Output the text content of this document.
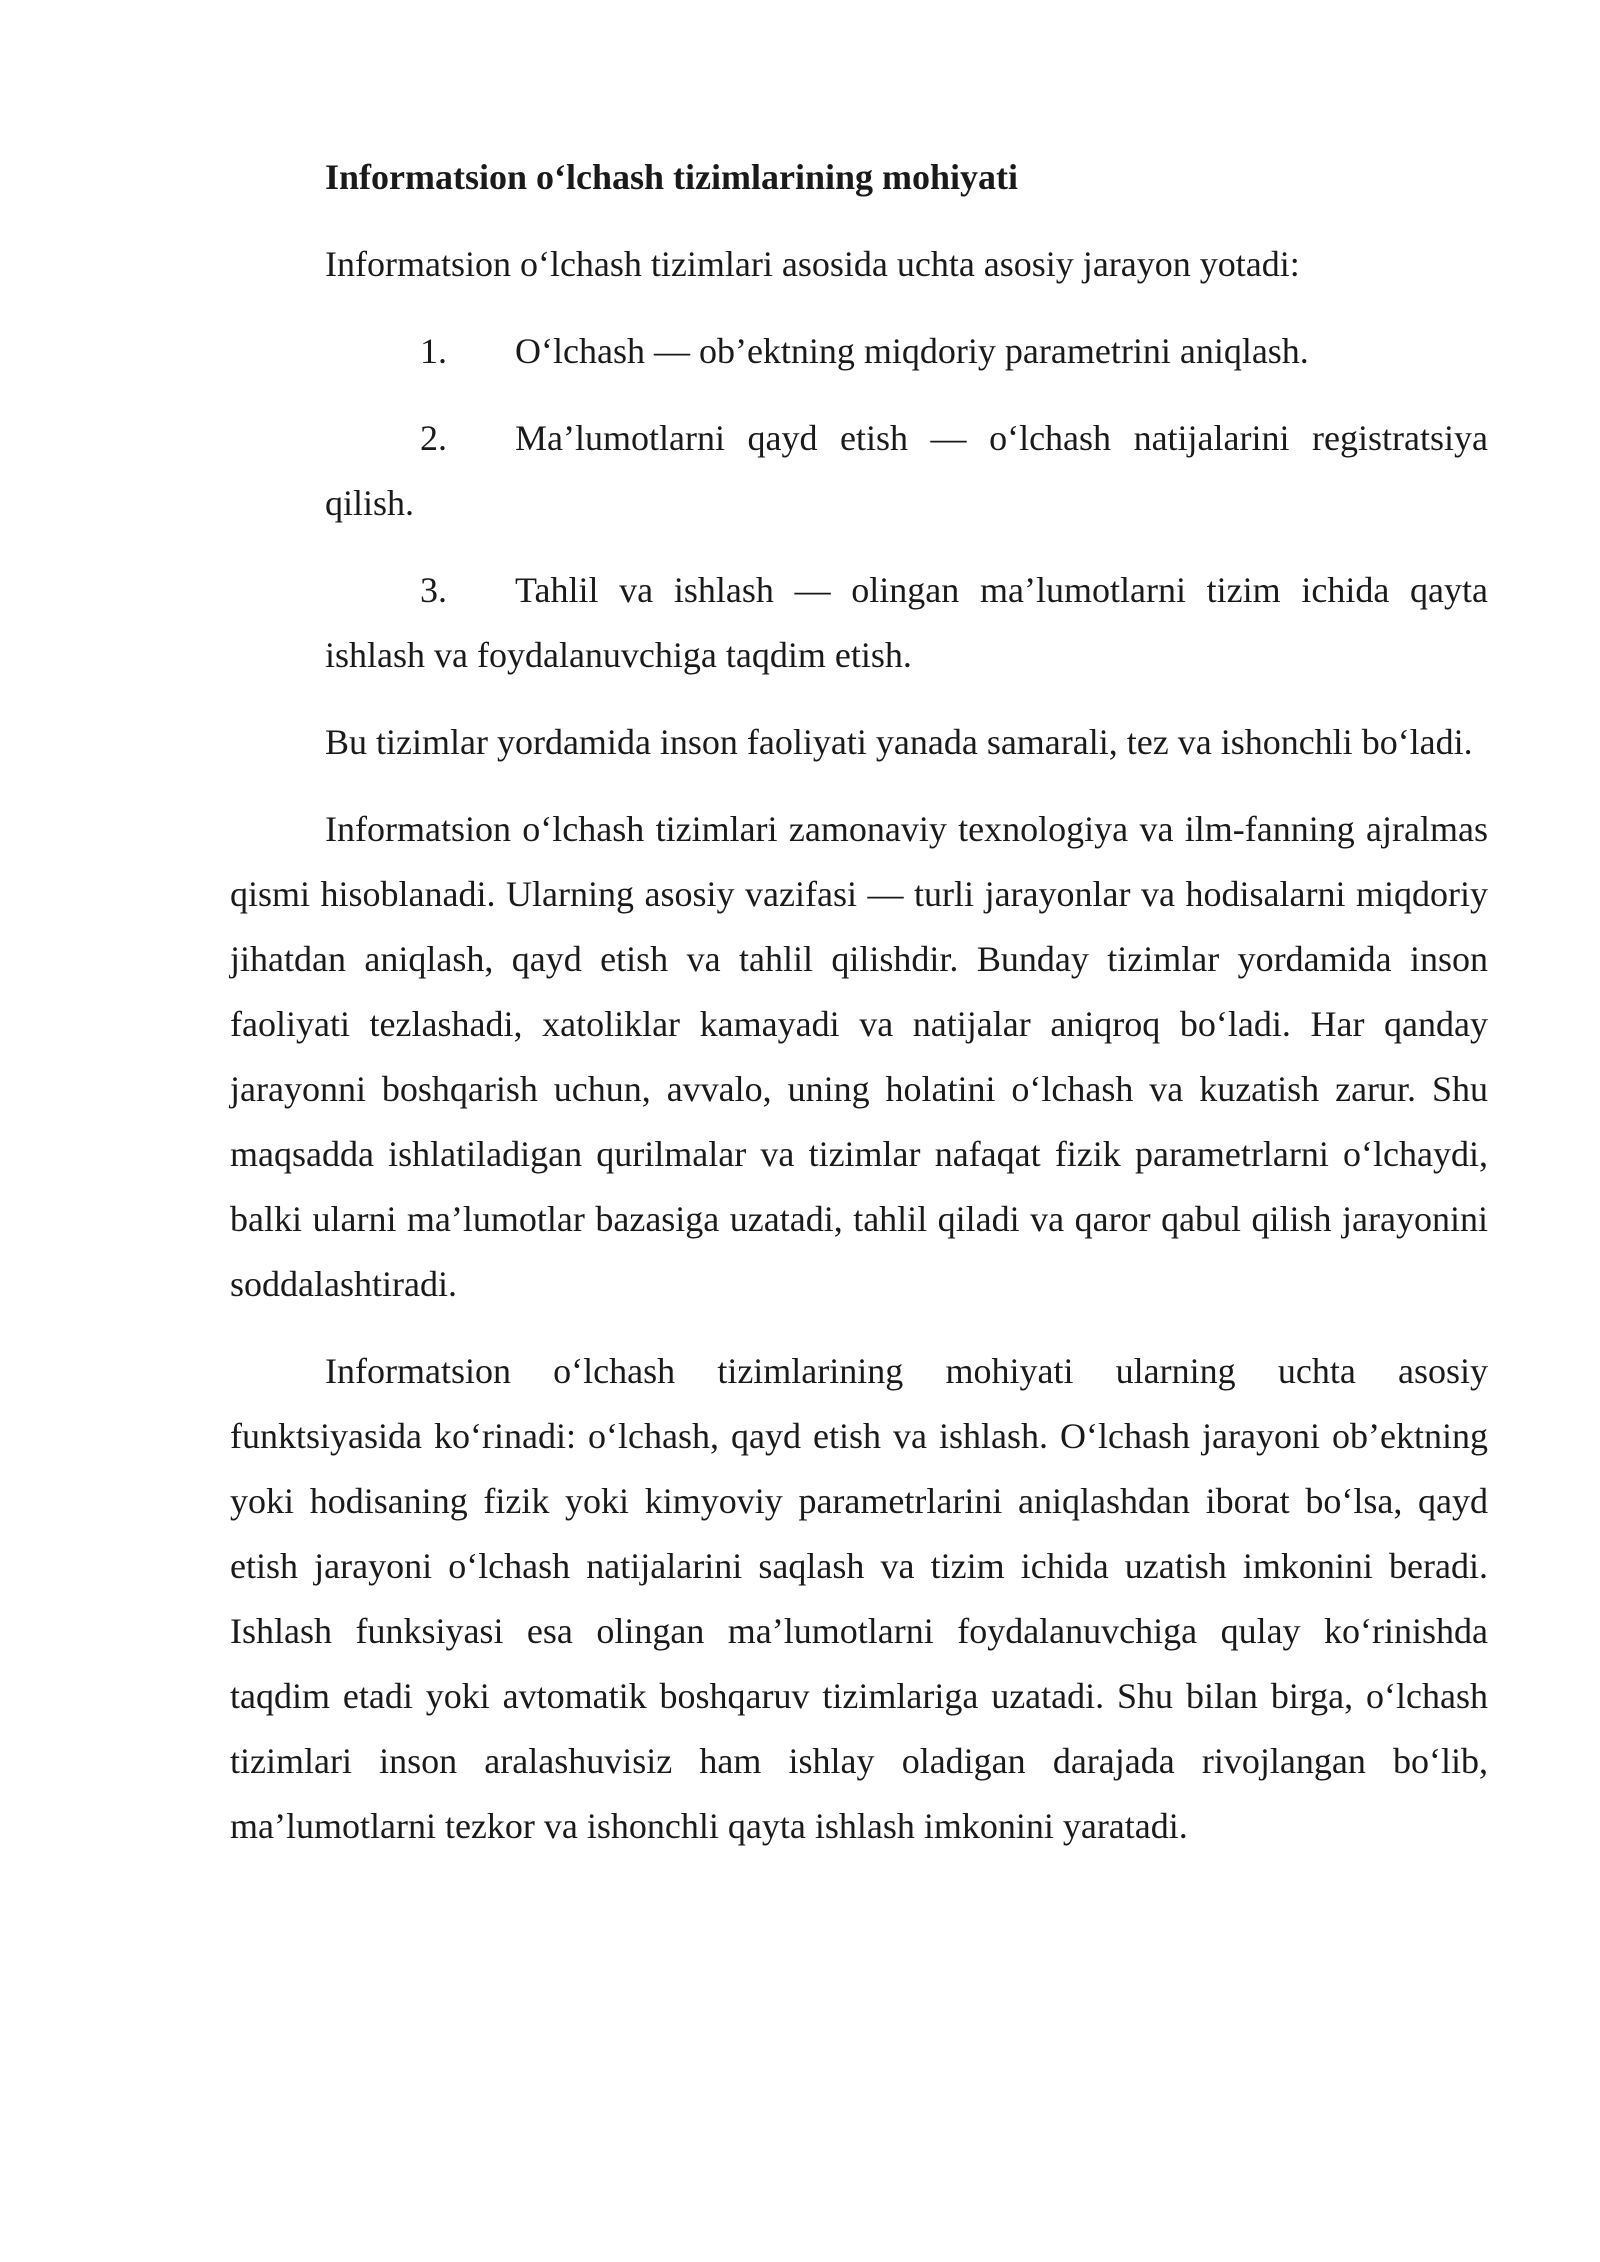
Informatsion o‘lchash tizimlarining mohiyati

Informatsion o‘lchash tizimlari asosida uchta asosiy jarayon yotadi:

1. O‘lchash — ob’ektning miqdoriy parametrini aniqlash.

2. Ma’lumotlarni qayd etish — o‘lchash natijalarini registratsiya qilish.

3. Tahlil va ishlash — olingan ma’lumotlarni tizim ichida qayta ishlash va foydalanuvchiga taqdim etish.

Bu tizimlar yordamida inson faoliyati yanada samarali, tez va ishonchli bo‘ladi.

Informatsion o‘lchash tizimlari zamonaviy texnologiya va ilm-fanning ajralmas qismi hisoblanadi. Ularning asosiy vazifasi — turli jarayonlar va hodisalarni miqdoriy jihatdan aniqlash, qayd etish va tahlil qilishdir. Bunday tizimlar yordamida inson faoliyati tezlashadi, xatoliklar kamayadi va natijalar aniqroq bo‘ladi. Har qanday jarayonni boshqarish uchun, avvalo, uning holatini o‘lchash va kuzatish zarur. Shu maqsadda ishlatiladigan qurilmalar va tizimlar nafaqat fizik parametrlarni o‘lchaydi, balki ularni ma’lumotlar bazasiga uzatadi, tahlil qiladi va qaror qabul qilish jarayonini soddalashtiradi.

Informatsion o‘lchash tizimlarining mohiyati ularning uchta asosiy funktsiyasida ko‘rinadi: o‘lchash, qayd etish va ishlash. O‘lchash jarayoni ob’ektning yoki hodisaning fizik yoki kimyoviy parametrlarini aniqlashdan iborat bo‘lsa, qayd etish jarayoni o‘lchash natijalarini saqlash va tizim ichida uzatish imkonini beradi. Ishlash funksiyasi esa olingan ma’lumotlarni foydalanuvchiga qulay ko‘rinishda taqdim etadi yoki avtomatik boshqaruv tizimlariga uzatadi. Shu bilan birga, o‘lchash tizimlari inson aralashuvisiz ham ishlay oladigan darajada rivojlangan bo‘lib, ma’lumotlarni tezkor va ishonchli qayta ishlash imkonini yaratadi.
